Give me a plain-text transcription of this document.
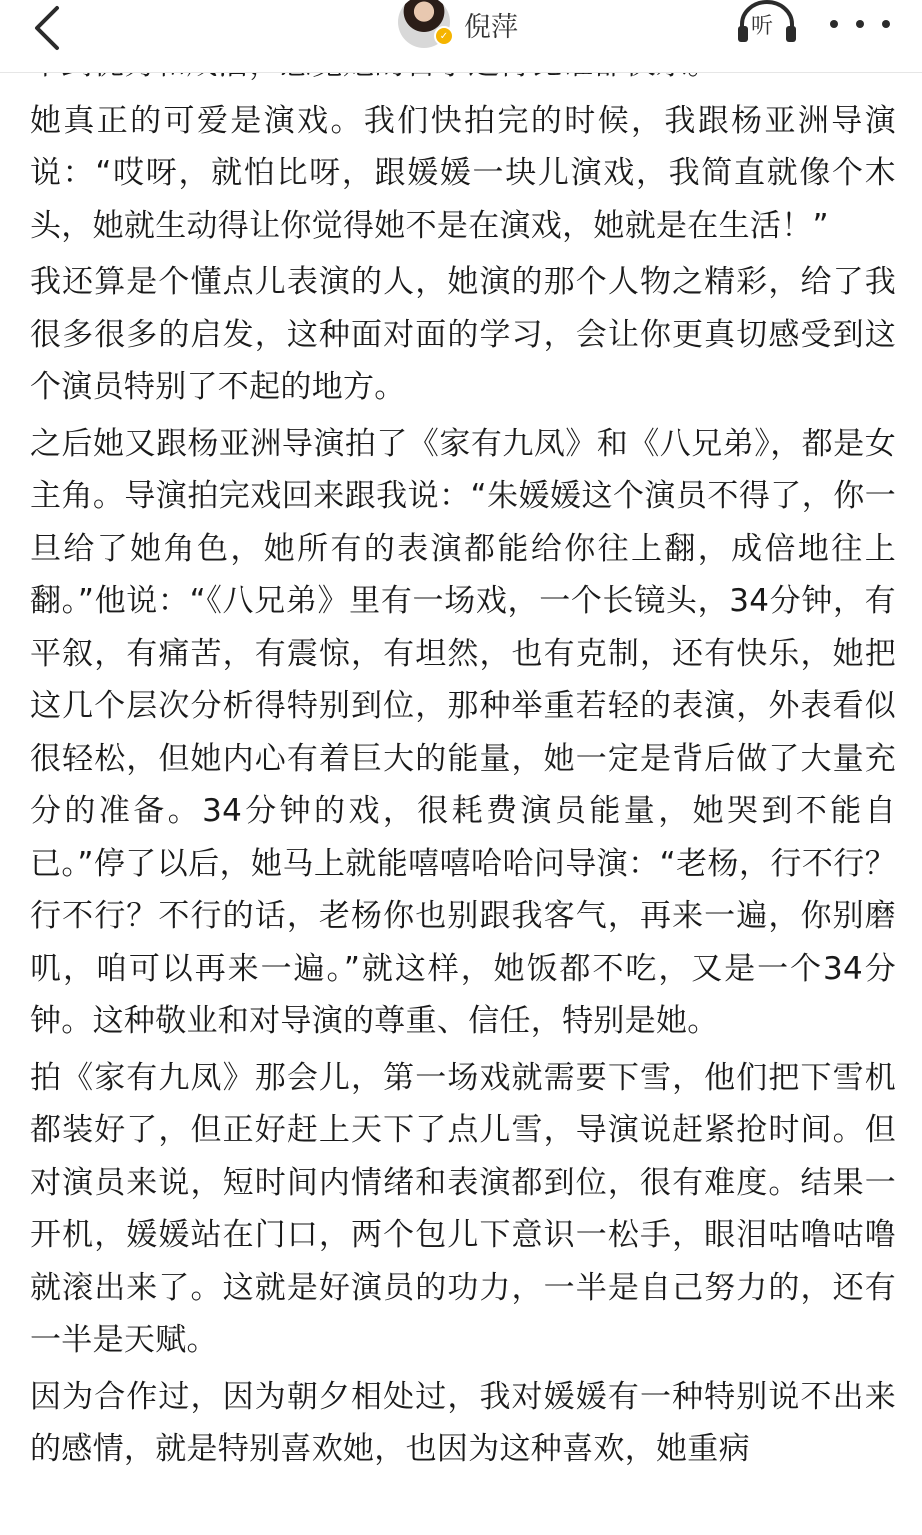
✓ 倪萍	听

她真正的可爱是演戏。我们快拍完的时候，我跟杨亚洲导演说：“哎呀，就怕比呀，跟媛媛一块儿演戏，我简直就像个木头，她就生动得让你觉得她不是在演戏，她就是在生活！”

我还算是个懂点儿表演的人，她演的那个人物之精彩，给了我很多很多的启发，这种面对面的学习，会让你更真切感受到这个演员特别了不起的地方。

之后她又跟杨亚洲导演拍了《家有九凤》和《八兄弟》，都是女主角。导演拍完戏回来跟我说：“朱媛媛这个演员不得了，你一旦给了她角色，她所有的表演都能给你往上翻，成倍地往上翻。”他说：“《八兄弟》里有一场戏，一个长镜头，34分钟，有平叙，有痛苦，有震惊，有坦然，也有克制，还有快乐，她把这几个层次分析得特别到位，那种举重若轻的表演，外表看似很轻松，但她内心有着巨大的能量，她一定是背后做了大量充分的准备。34分钟的戏，很耗费演员能量，她哭到不能自已。”停了以后，她马上就能嘻嘻哈哈问导演：“老杨，行不行？行不行？不行的话，老杨你也别跟我客气，再来一遍，你别磨叽，咱可以再来一遍。”就这样，她饭都不吃，又是一个34分钟。这种敬业和对导演的尊重、信任，特别是她。

拍《家有九凤》那会儿，第一场戏就需要下雪，他们把下雪机都装好了，但正好赶上天下了点儿雪，导演说赶紧抢时间。但对演员来说，短时间内情绪和表演都到位，很有难度。结果一开机，媛媛站在门口，两个包儿下意识一松手，眼泪咕噜咕噜就滚出来了。这就是好演员的功力，一半是自己努力的，还有一半是天赋。

因为合作过，因为朝夕相处过，我对媛媛有一种特别说不出来的感情，就是特别喜欢她，也因为这种喜欢，她重病
